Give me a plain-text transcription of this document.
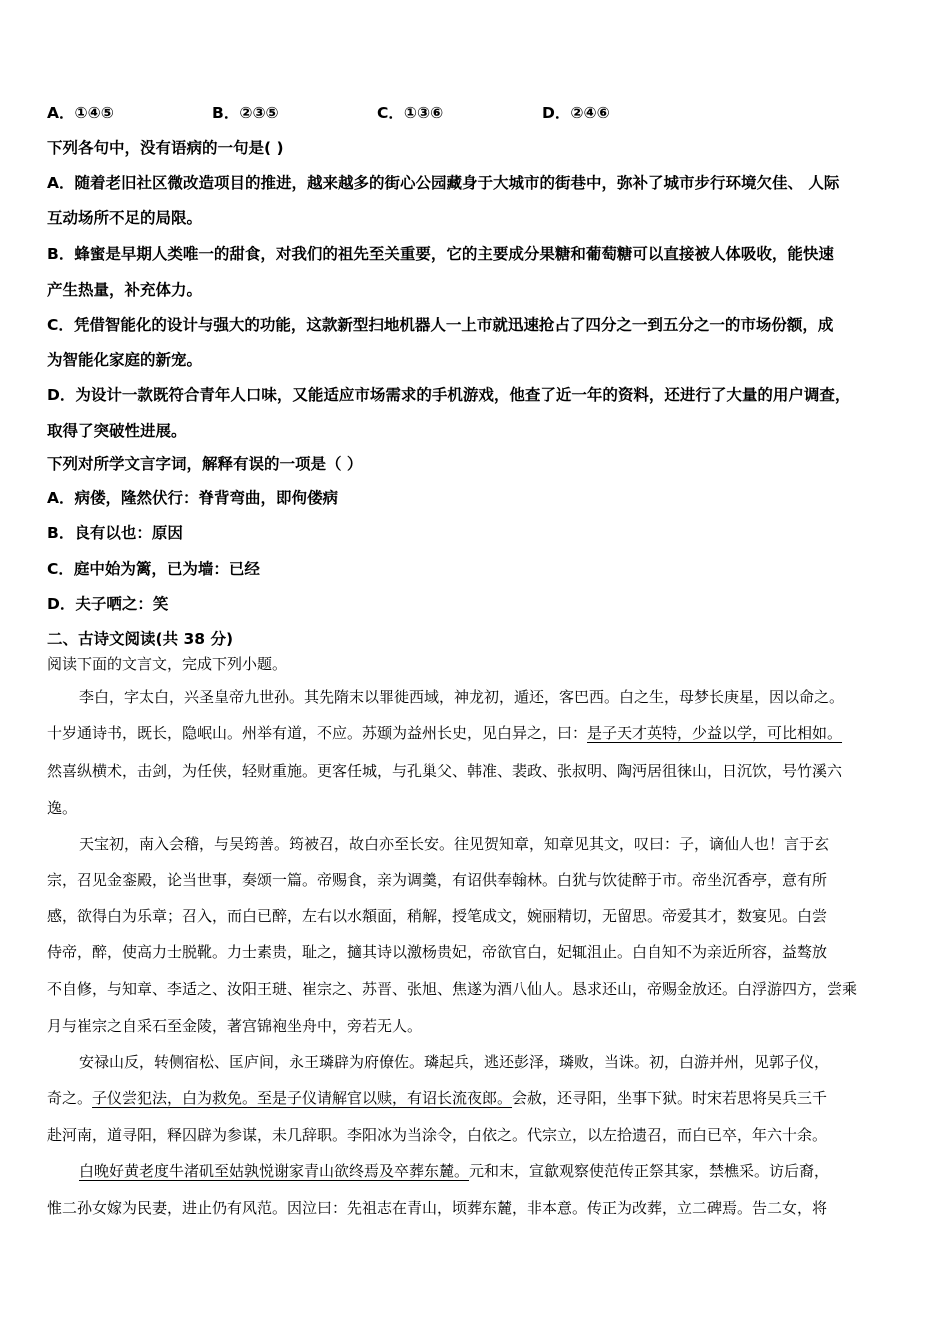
A．①④⑤	B．②③⑤	C．①③⑥	D．②④⑥
下列各句中，没有语病的一句是( )
A．随着老旧社区微改造项目的推进，越来越多的街心公园藏身于大城市的街巷中，弥补了城市步行环境欠佳、 人际
互动场所不足的局限。
B．蜂蜜是早期人类唯一的甜食，对我们的祖先至关重要，它的主要成分果糖和葡萄糖可以直接被人体吸收，能快速
产生热量，补充体力。
C．凭借智能化的设计与强大的功能，这款新型扫地机器人一上市就迅速抢占了四分之一到五分之一的市场份额，成
为智能化家庭的新宠。
D．为设计一款既符合青年人口味，又能适应市场需求的手机游戏，他查了近一年的资料，还进行了大量的用户调查，
取得了突破性进展。
下列对所学文言字词，解释有误的一项是（ ）
A．病偻，隆然伏行：脊背弯曲，即佝偻病
B．良有以也：原因
C．庭中始为篱，已为墙：已经
D．夫子哂之：笑
二、古诗文阅读(共 38 分)
阅读下面的文言文，完成下列小题。
李白，字太白，兴圣皇帝九世孙。其先隋末以罪徙西域，神龙初，遁还，客巴西。白之生，母梦长庚星，因以命之。
十岁通诗书，既长，隐岷山。州举有道，不应。苏颋为益州长史，见白异之，曰：是子天才英特，少益以学，可比相如。
然喜纵横术，击剑，为任侠，轻财重施。更客任城，与孔巢父、韩准、裴政、张叔明、陶沔居徂徕山，日沉饮，号竹溪六
逸。
天宝初，南入会稽，与吴筠善。筠被召，故白亦至长安。往见贺知章，知章见其文，叹曰：子，谪仙人也！言于玄
宗，召见金銮殿，论当世事，奏颂一篇。帝赐食，亲为调羹，有诏供奉翰林。白犹与饮徒醉于市。帝坐沉香亭，意有所
感，欲得白为乐章；召入，而白已醉，左右以水頮面，稍解，授笔成文，婉丽精切，无留思。帝爱其才，数宴见。白尝
侍帝，醉，使高力士脱靴。力士素贵，耻之，擿其诗以激杨贵妃，帝欲官白，妃辄沮止。白自知不为亲近所容，益骜放
不自修，与知章、李适之、汝阳王琎、崔宗之、苏晋、张旭、焦遂为酒八仙人。恳求还山，帝赐金放还。白浮游四方，尝乘
月与崔宗之自采石至金陵，著宫锦袍坐舟中，旁若无人。
安禄山反，转侧宿松、匡庐间，永王璘辟为府僚佐。璘起兵，逃还彭泽，璘败，当诛。初，白游并州，见郭子仪，
奇之。子仪尝犯法，白为救免。至是子仪请解官以赎，有诏长流夜郎。会赦，还寻阳，坐事下狱。时宋若思将吴兵三千
赴河南，道寻阳，释囚辟为参谋，未几辞职。李阳冰为当涂令，白依之。代宗立，以左拾遗召，而白已卒，年六十余。
白晚好黄老度牛渚矶至姑孰悦谢家青山欲终焉及卒葬东麓。元和末，宣歙观察使范传正祭其家，禁樵采。访后裔，
惟二孙女嫁为民妻，进止仍有风范。因泣曰：先祖志在青山，顷葬东麓，非本意。传正为改葬，立二碑焉。告二女，将
